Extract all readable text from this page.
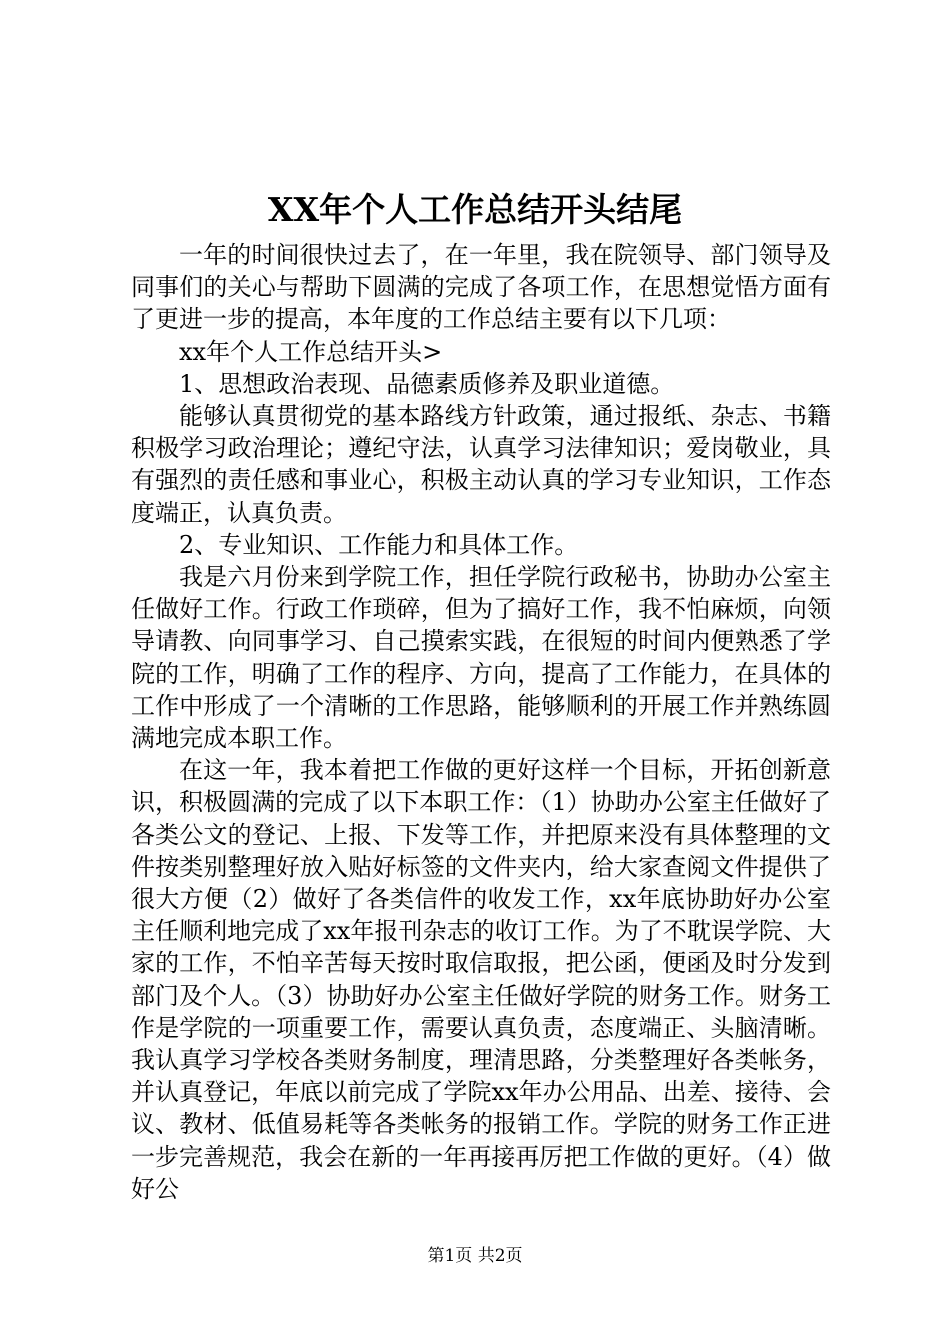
XX年个人工作总结开头结尾

一年的时间很快过去了，在一年里，我在院领导、部门领导及同事们的关心与帮助下圆满的完成了各项工作，在思想觉悟方面有了更进一步的提高，本年度的工作总结主要有以下几项：

xx年个人工作总结开头>

1、思想政治表现、品德素质修养及职业道德。

能够认真贯彻党的基本路线方针政策，通过报纸、杂志、书籍积极学习政治理论；遵纪守法，认真学习法律知识；爱岗敬业，具有强烈的责任感和事业心，积极主动认真的学习专业知识，工作态度端正，认真负责。

2、专业知识、工作能力和具体工作。

我是六月份来到学院工作，担任学院行政秘书，协助办公室主任做好工作。行政工作琐碎，但为了搞好工作，我不怕麻烦，向领导请教、向同事学习、自己摸索实践，在很短的时间内便熟悉了学院的工作，明确了工作的程序、方向，提高了工作能力，在具体的工作中形成了一个清晰的工作思路，能够顺利的开展工作并熟练圆满地完成本职工作。

在这一年，我本着把工作做的更好这样一个目标，开拓创新意识，积极圆满的完成了以下本职工作：（1）协助办公室主任做好了各类公文的登记、上报、下发等工作，并把原来没有具体整理的文件按类别整理好放入贴好标签的文件夹内，给大家查阅文件提供了很大方便（2）做好了各类信件的收发工作，xx年底协助好办公室主任顺利地完成了xx年报刊杂志的收订工作。为了不耽误学院、大家的工作，不怕辛苦每天按时取信取报，把公函，便函及时分发到部门及个人。（3）协助好办公室主任做好学院的财务工作。财务工作是学院的一项重要工作，需要认真负责，态度端正、头脑清晰。我认真学习学校各类财务制度，理清思路，分类整理好各类帐务，并认真登记，年底以前完成了学院xx年办公用品、出差、接待、会议、教材、低值易耗等各类帐务的报销工作。学院的财务工作正进一步完善规范，我会在新的一年再接再厉把工作做的更好。（4）做好公

第1页 共2页
